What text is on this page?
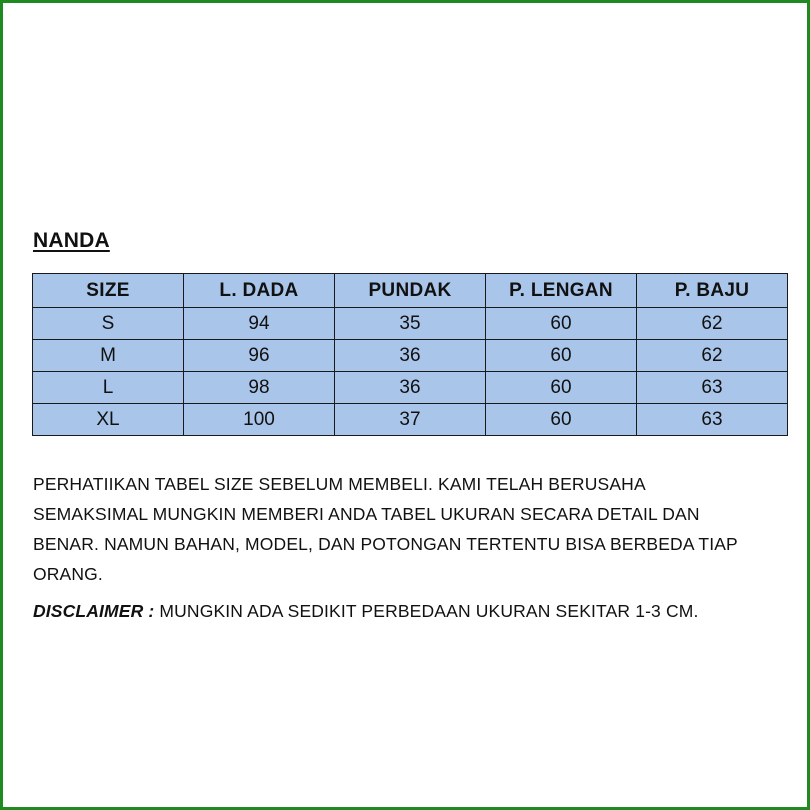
NANDA
SIZE	L. DADA	PUNDAK	P. LENGAN	P. BAJU
S	94	35	60	62
M	96	36	60	62
L	98	36	60	63
XL	100	37	60	63

PERHATIIKAN TABEL SIZE SEBELUM MEMBELI. KAMI TELAH BERUSAHA

SEMAKSIMAL MUNGKIN MEMBERI ANDA TABEL UKURAN SECARA DETAIL DAN

BENAR. NAMUN BAHAN, MODEL, DAN POTONGAN TERTENTU BISA BERBEDA TIAP

ORANG.

DISCLAIMER : MUNGKIN ADA SEDIKIT PERBEDAAN UKURAN SEKITAR 1-3 CM.
